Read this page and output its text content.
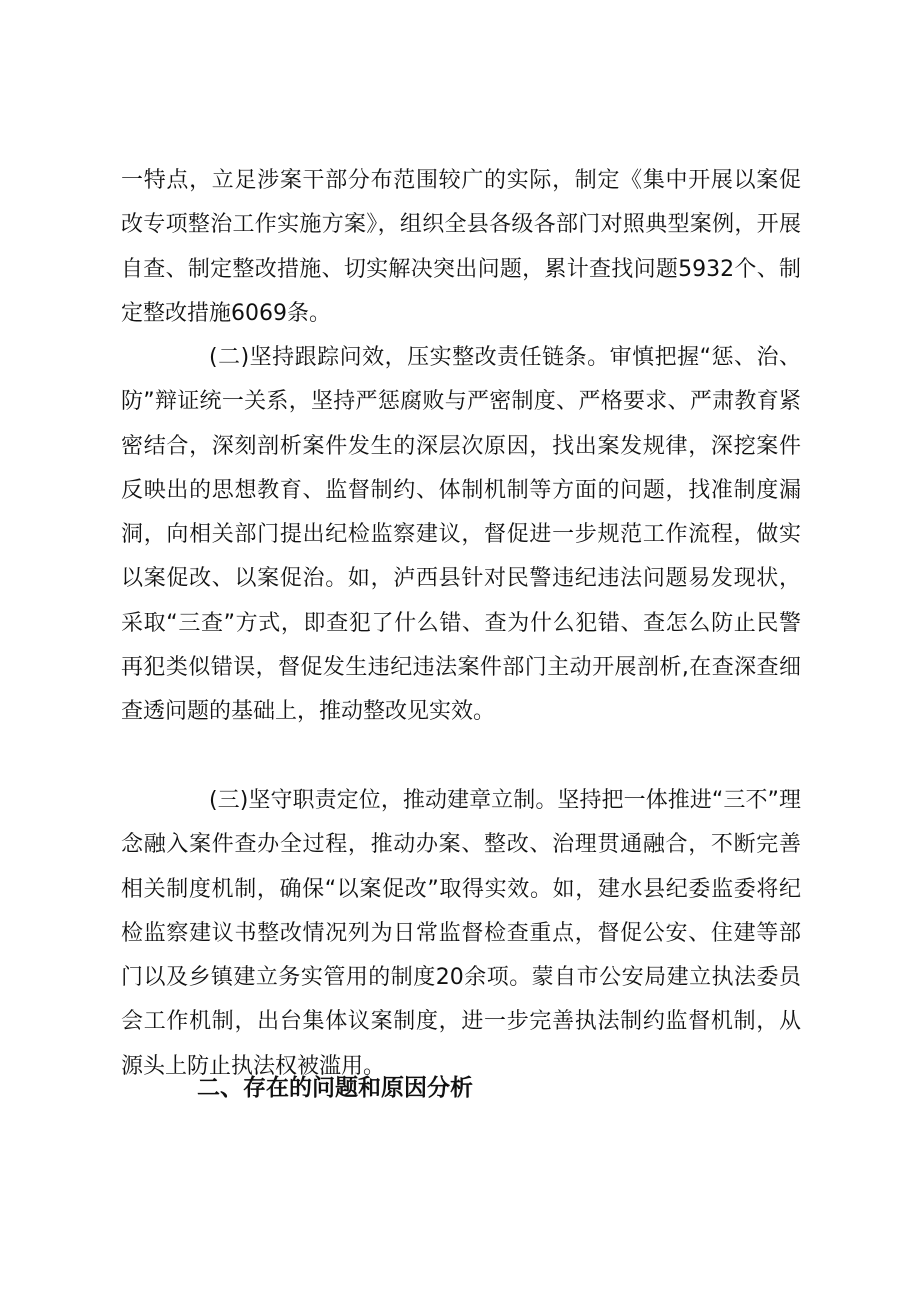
一特点，立足涉案干部分布范围较广的实际，制定《集中开展以案促改专项整治工作实施方案》，组织全县各级各部门对照典型案例，开展自查、制定整改措施、切实解决突出问题，累计查找问题5932个、制定整改措施6069条。

(二)坚持跟踪问效，压实整改责任链条。审慎把握“惩、治、防”辩证统一关系，坚持严惩腐败与严密制度、严格要求、严肃教育紧密结合，深刻剖析案件发生的深层次原因，找出案发规律，深挖案件反映出的思想教育、监督制约、体制机制等方面的问题，找准制度漏洞，向相关部门提出纪检监察建议，督促进一步规范工作流程，做实以案促改、以案促治。如，泸西县针对民警违纪违法问题易发现状，采取“三查”方式，即查犯了什么错、查为什么犯错、查怎么防止民警再犯类似错误，督促发生违纪违法案件部门主动开展剖析,在查深查细查透问题的基础上，推动整改见实效。

(三)坚守职责定位，推动建章立制。坚持把一体推进“三不”理念融入案件查办全过程，推动办案、整改、治理贯通融合，不断完善相关制度机制，确保“以案促改”取得实效。如，建水县纪委监委将纪检监察建议书整改情况列为日常监督检查重点，督促公安、住建等部门以及乡镇建立务实管用的制度20余项。蒙自市公安局建立执法委员会工作机制，出台集体议案制度，进一步完善执法制约监督机制，从源头上防止执法权被滥用。

二、存在的问题和原因分析
